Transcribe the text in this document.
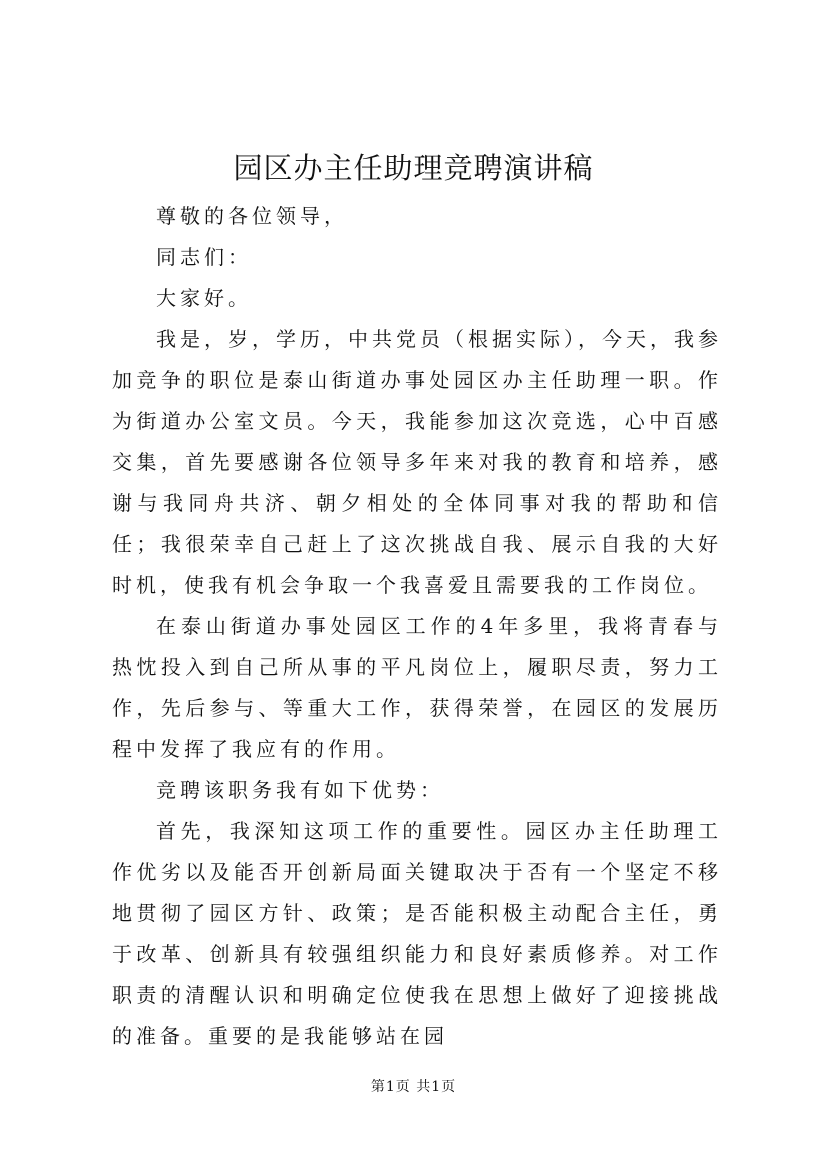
园区办主任助理竞聘演讲稿

尊敬的各位领导，

同志们：

大家好。

我是，岁，学历，中共党员（根据实际），今天，我参加竞争的职位是泰山街道办事处园区办主任助理一职。作为街道办公室文员。今天，我能参加这次竞选，心中百感交集，首先要感谢各位领导多年来对我的教育和培养，感谢与我同舟共济、朝夕相处的全体同事对我的帮助和信任；我很荣幸自己赶上了这次挑战自我、展示自我的大好时机，使我有机会争取一个我喜爱且需要我的工作岗位。

在泰山街道办事处园区工作的4年多里，我将青春与热忱投入到自己所从事的平凡岗位上，履职尽责，努力工作，先后参与、等重大工作，获得荣誉，在园区的发展历程中发挥了我应有的作用。

竞聘该职务我有如下优势：

首先，我深知这项工作的重要性。园区办主任助理工作优劣以及能否开创新局面关键取决于否有一个坚定不移地贯彻了园区方针、政策；是否能积极主动配合主任，勇于改革、创新具有较强组织能力和良好素质修养。对工作职责的清醒认识和明确定位使我在思想上做好了迎接挑战的准备。重要的是我能够站在园

第1页 共1页
